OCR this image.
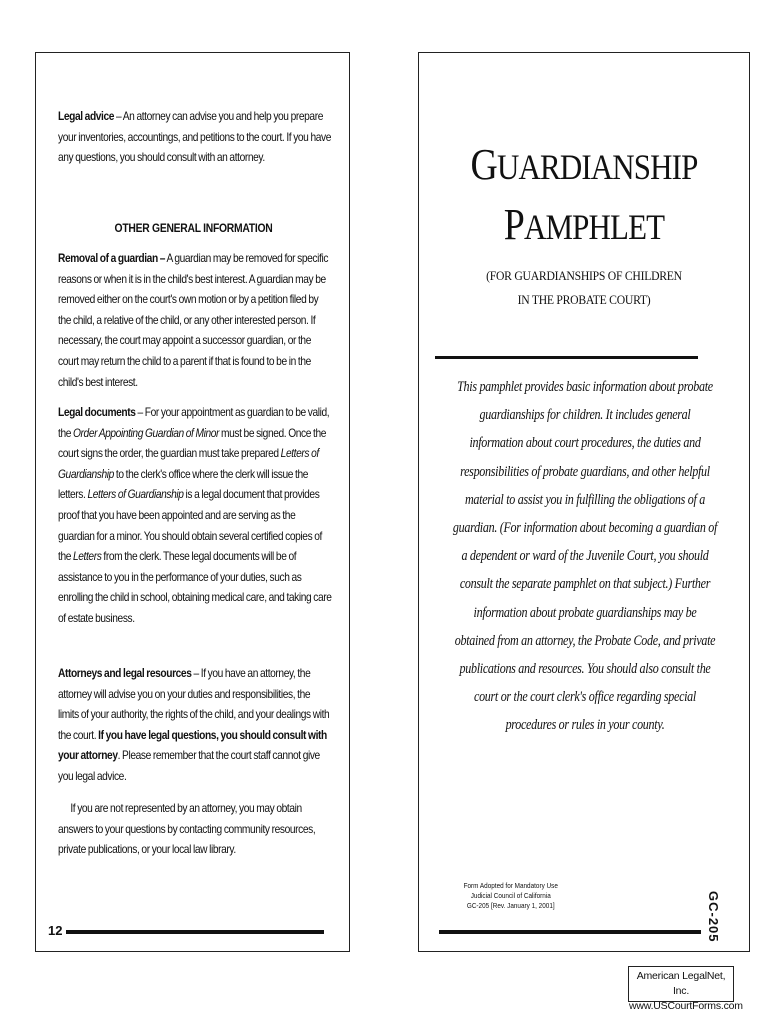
Legal advice – An attorney can advise you and help you prepare your inventories, accountings, and petitions to the court. If you have any questions, you should consult with an attorney.
OTHER GENERAL INFORMATION
Removal of a guardian – A guardian may be removed for specific reasons or when it is in the child's best interest. A guardian may be removed either on the court's own motion or by a petition filed by the child, a relative of the child, or any other interested person. If necessary, the court may appoint a successor guardian, or the court may return the child to a parent if that is found to be in the child's best interest.
Legal documents – For your appointment as guardian to be valid, the Order Appointing Guardian of Minor must be signed. Once the court signs the order, the guardian must take prepared Letters of Guardianship to the clerk's office where the clerk will issue the letters. Letters of Guardianship is a legal document that provides proof that you have been appointed and are serving as the guardian for a minor. You should obtain several certified copies of the Letters from the clerk. These legal documents will be of assistance to you in the performance of your duties, such as enrolling the child in school, obtaining medical care, and taking care of estate business.
Attorneys and legal resources – If you have an attorney, the attorney will advise you on your duties and responsibilities, the limits of your authority, the rights of the child, and your dealings with the court. If you have legal questions, you should consult with your attorney. Please remember that the court staff cannot give you legal advice.
If you are not represented by an attorney, you may obtain answers to your questions by contacting community resources, private publications, or your local law library.
12
GUARDIANSHIP
PAMPHLET
(FOR GUARDIANSHIPS OF CHILDREN
IN THE PROBATE COURT)
This pamphlet provides basic information about probate guardianships for children. It includes general information about court procedures, the duties and responsibilities of probate guardians, and other helpful material to assist you in fulfilling the obligations of a guardian. (For information about becoming a guardian of a dependent or ward of the Juvenile Court, you should consult the separate pamphlet on that subject.) Further information about probate guardianships may be obtained from an attorney, the Probate Code, and private publications and resources. You should also consult the court or the court clerk's office regarding special procedures or rules in your county.
Form Adopted for Mandatory Use
Judicial Council of California
GC-205 [Rev. January 1, 2001]	GC-205
American LegalNet, Inc.
www.USCourtForms.com
